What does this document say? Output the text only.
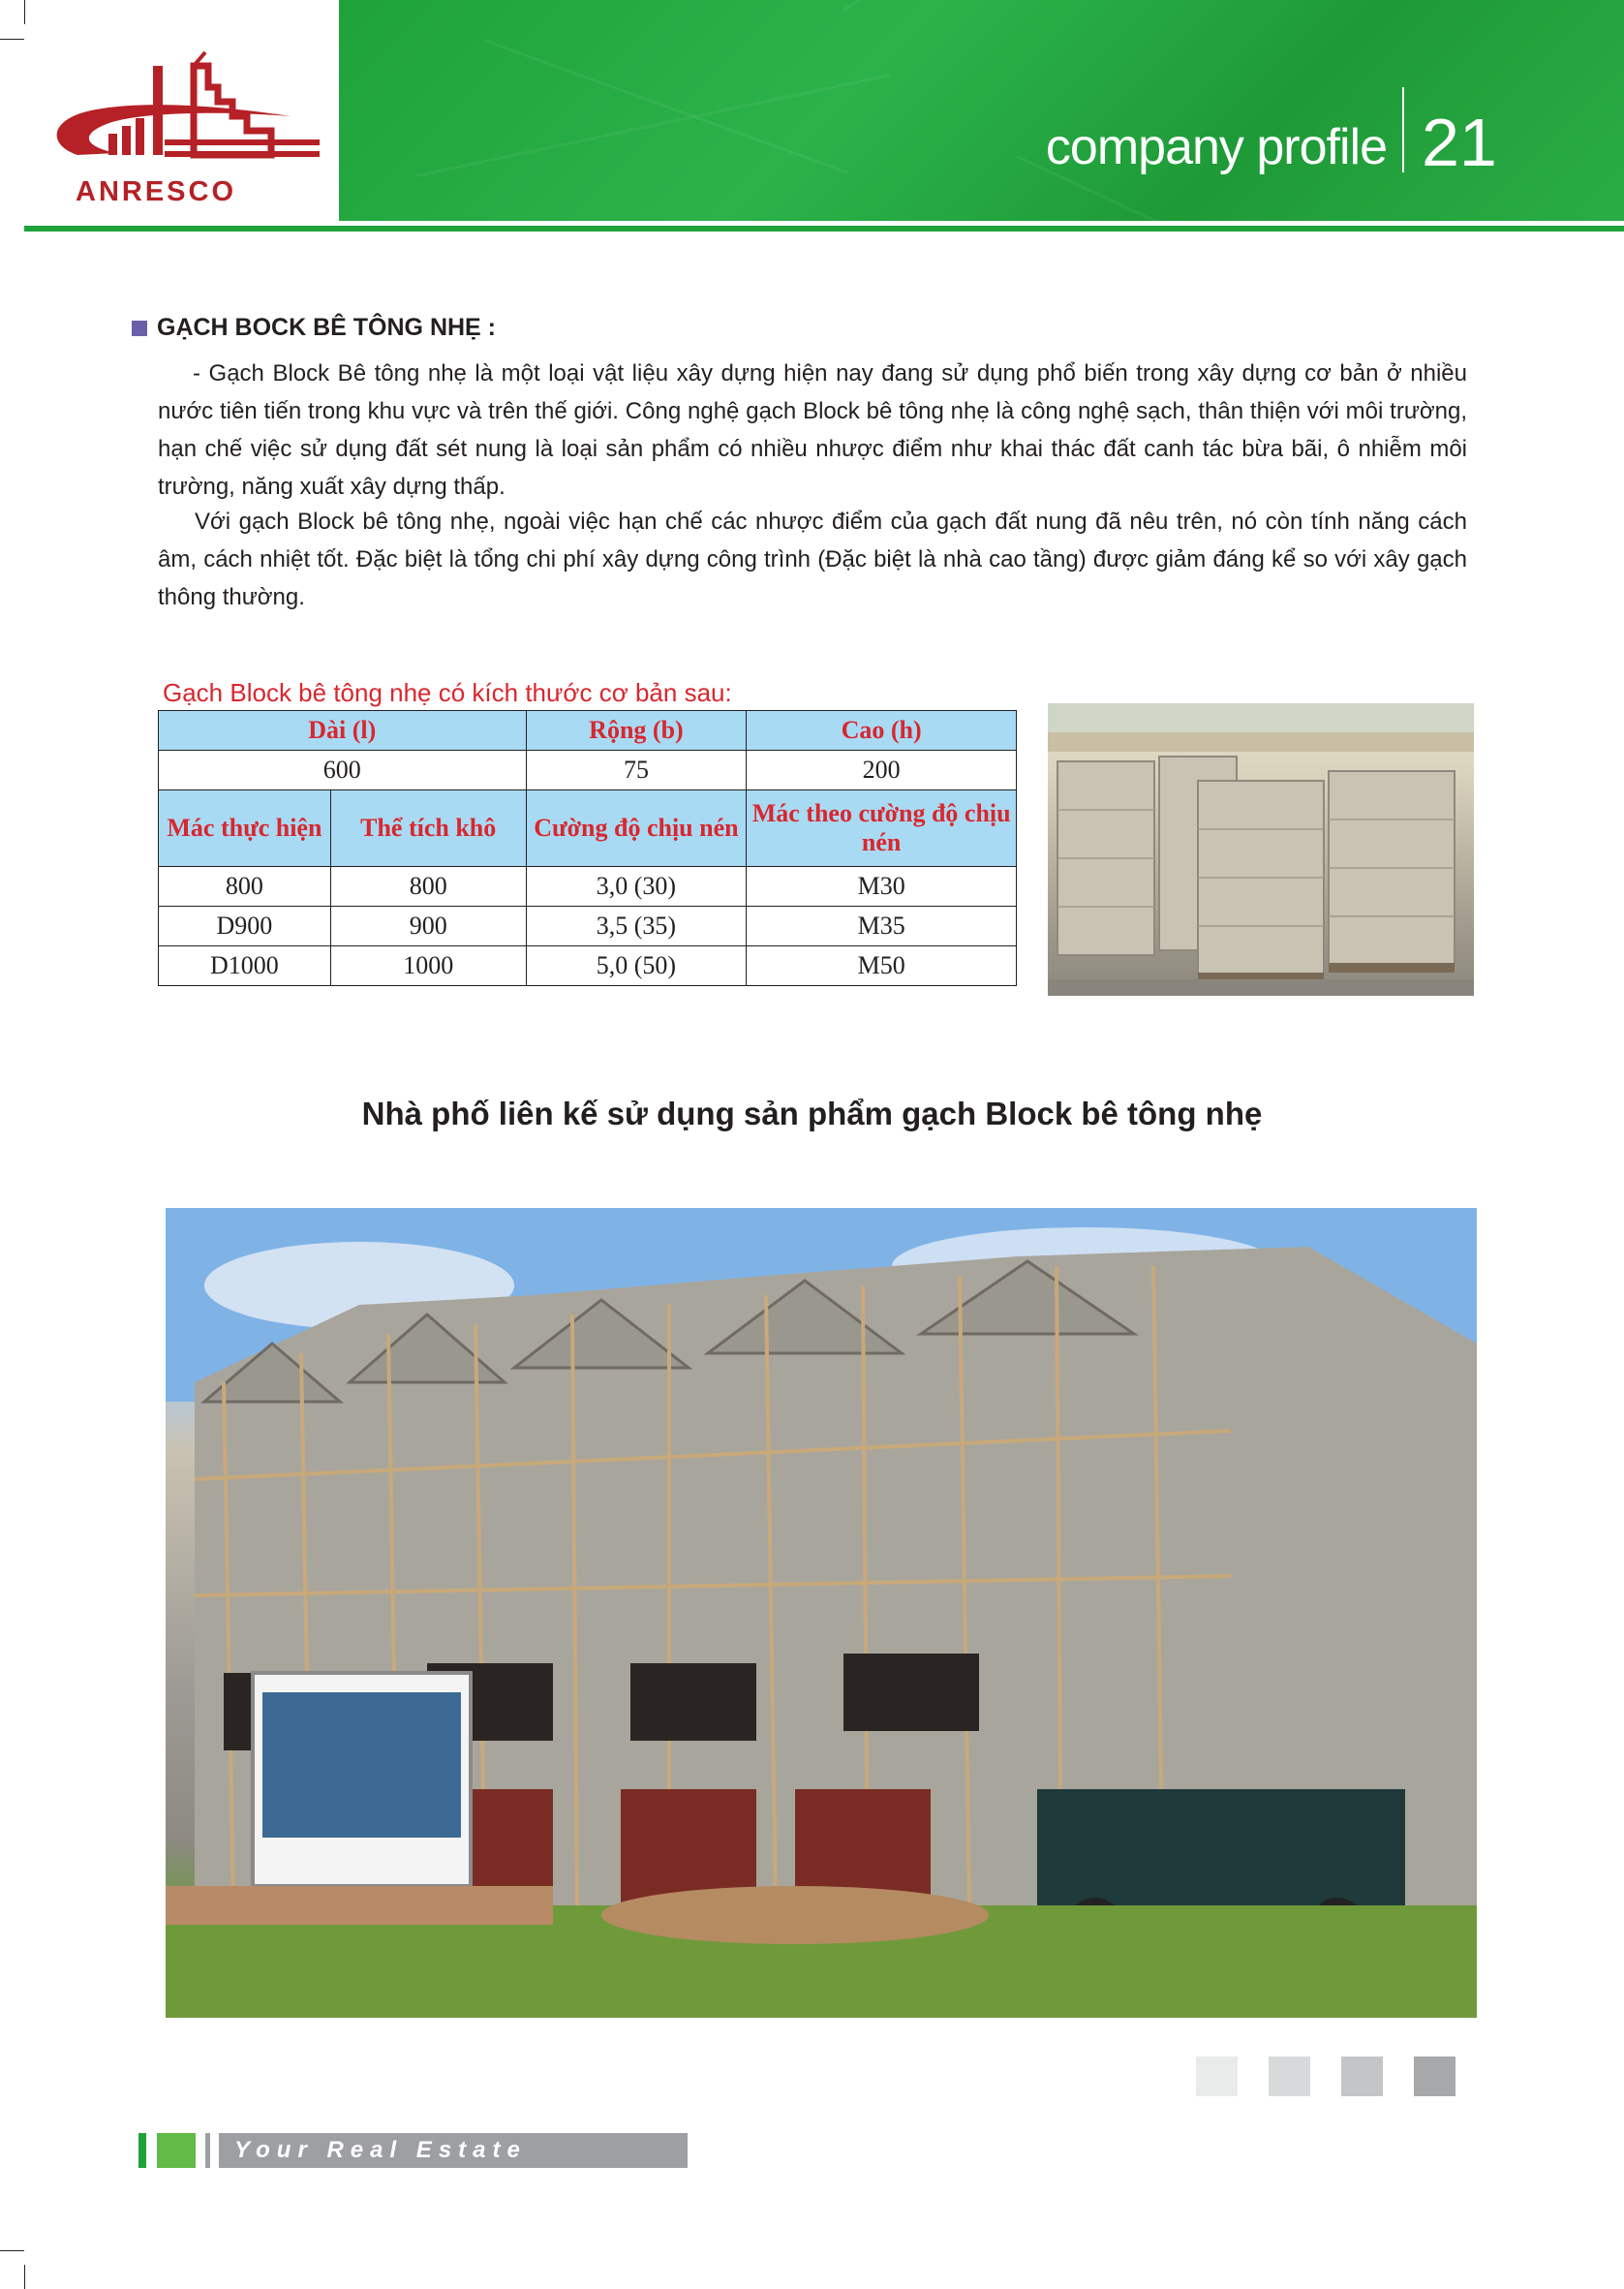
ANRESCO
company profile 21
GẠCH BOCK BÊ TÔNG NHẸ :

- Gạch Block Bê tông nhẹ là một loại vật liệu xây dựng hiện nay đang sử dụng phổ biến trong xây dựng cơ bản ở nhiều nước tiên tiến trong khu vực và trên thế giới. Công nghệ gạch Block bê tông nhẹ là công nghệ sạch, thân thiện với môi trường, hạn chế việc sử dụng đất sét nung là loại sản phẩm có nhiều nhược điểm như khai thác đất canh tác bừa bãi, ô nhiễm môi trường, năng xuất xây dựng thấp.

Với gạch Block bê tông nhẹ, ngoài việc hạn chế các nhược điểm của gạch đất nung đã nêu trên, nó còn tính năng cách âm, cách nhiệt tốt. Đặc biệt là tổng chi phí xây dựng công trình (Đặc biệt là nhà cao tầng) được giảm đáng kể so với xây gạch thông thường.

Gạch Block bê tông nhẹ có kích thước cơ bản sau:
Dài (l)		Rộng (b)	Cao (h)
600		75	200
Mác thực hiện	Thể tích khô	Cường độ chịu nén	Mác theo cường độ chịu nén
800	800	3,0 (30)	M30
D900	900	3,5 (35)	M35
D1000	1000	5,0 (50)	M50
Nhà phố liên kế sử dụng sản phẩm gạch Block bê tông nhẹ
Your Real Estate Developer
